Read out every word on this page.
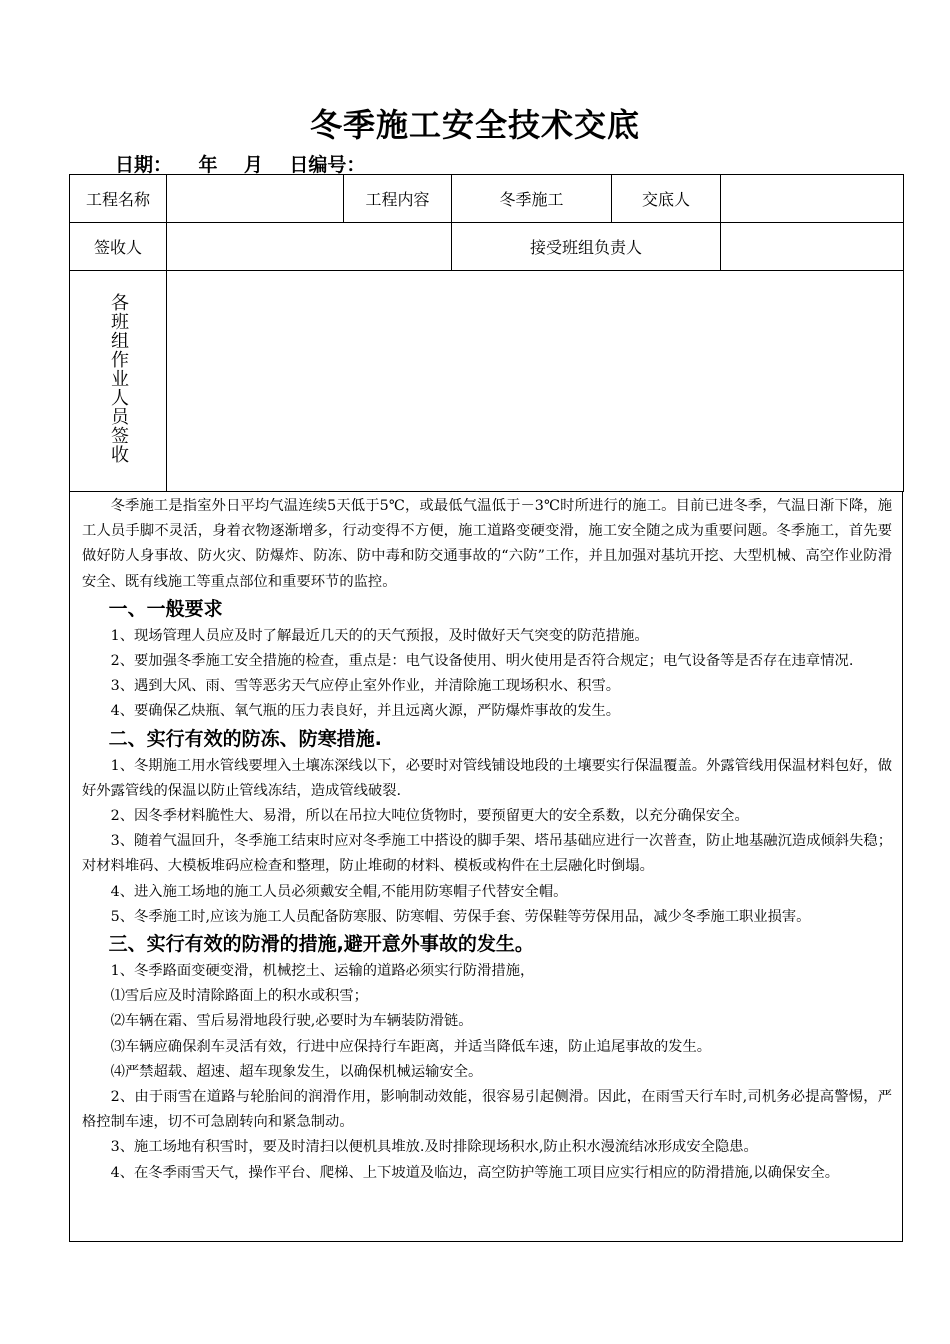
冬季施工安全技术交底
日期：    年    月    日编号：
工程名称		工程内容	冬季施工	交底人	
签收人			接受班组负责人		

各班组作业人员签收					

冬季施工是指室外日平均气温连续5天低于5℃，或最低气温低于－3℃时所进行的施工。目前已进冬季，气温日渐下降，施工人员手脚不灵活，身着衣物逐渐增多，行动变得不方便，施工道路变硬变滑，施工安全随之成为重要问题。冬季施工，首先要做好防人身事故、防火灾、防爆炸、防冻、防中毒和防交通事故的“六防”工作，并且加强对基坑开挖、大型机械、高空作业防滑安全、既有线施工等重点部位和重要环节的监控。

一、一般要求

1、现场管理人员应及时了解最近几天的的天气预报，及时做好天气突变的防范措施。

2、要加强冬季施工安全措施的检查，重点是：电气设备使用、明火使用是否符合规定；电气设备等是否存在违章情况.

3、遇到大风、雨、雪等恶劣天气应停止室外作业，并清除施工现场积水、积雪。

4、要确保乙炔瓶、氧气瓶的压力表良好，并且远离火源，严防爆炸事故的发生。

二、实行有效的防冻、防寒措施.

1、冬期施工用水管线要埋入土壤冻深线以下，必要时对管线铺设地段的土壤要实行保温覆盖。外露管线用保温材料包好，做好外露管线的保温以防止管线冻结，造成管线破裂.

2、因冬季材料脆性大、易滑，所以在吊拉大吨位货物时，要预留更大的安全系数，以充分确保安全。

3、随着气温回升，冬季施工结束时应对冬季施工中搭设的脚手架、塔吊基础应进行一次普查，防止地基融沉造成倾斜失稳；对材料堆码、大模板堆码应检查和整理，防止堆砌的材料、模板或构件在土层融化时倒塌。

4、进入施工场地的施工人员必须戴安全帽,不能用防寒帽子代替安全帽。

5、冬季施工时,应该为施工人员配备防寒服、防寒帽、劳保手套、劳保鞋等劳保用品，减少冬季施工职业损害。

三、实行有效的防滑的措施,避开意外事故的发生。

1、冬季路面变硬变滑，机械挖土、运输的道路必须实行防滑措施，

⑴雪后应及时清除路面上的积水或积雪；

⑵车辆在霜、雪后易滑地段行驶,必要时为车辆装防滑链。

⑶车辆应确保刹车灵活有效，行进中应保持行车距离，并适当降低车速，防止追尾事故的发生。

⑷严禁超载、超速、超车现象发生，以确保机械运输安全。

2、由于雨雪在道路与轮胎间的润滑作用，影响制动效能，很容易引起侧滑。因此，在雨雪天行车时,司机务必提高警惕，严格控制车速，切不可急剧转向和紧急制动。

3、施工场地有积雪时，要及时清扫以便机具堆放.及时排除现场积水,防止积水漫流结冰形成安全隐患。

4、在冬季雨雪天气，操作平台、爬梯、上下坡道及临边，高空防护等施工项目应实行相应的防滑措施,以确保安全。
